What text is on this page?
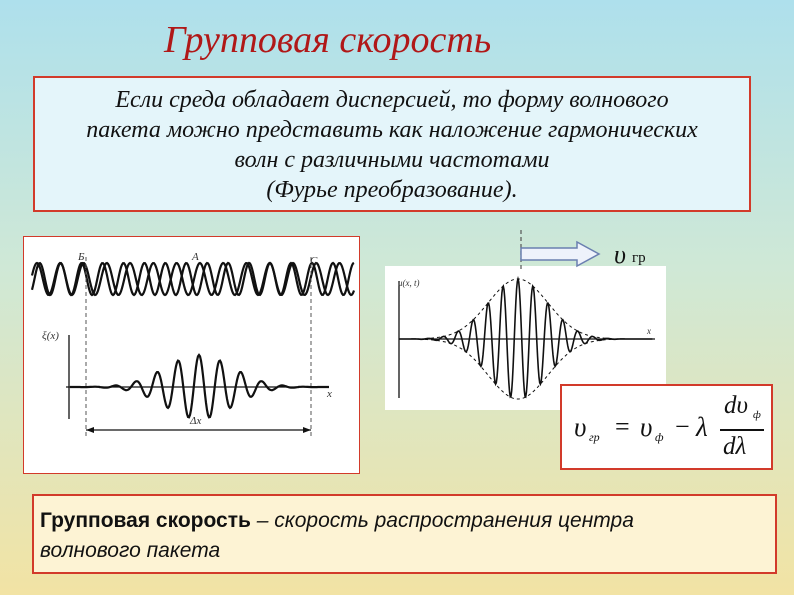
Групповая скорость
Если среда обладает дисперсией, то форму волнового
пакета можно представить как наложение гармонических
волн с различными частотами
(Фурье преобразование).
Б	А	С
ξ(x)
x
Δx
u(x, t)
x
υ гр
υ гр = υ ф − λ
dυ ф
dλ
Групповая скорость – скорость распространения центра
волнового пакета
